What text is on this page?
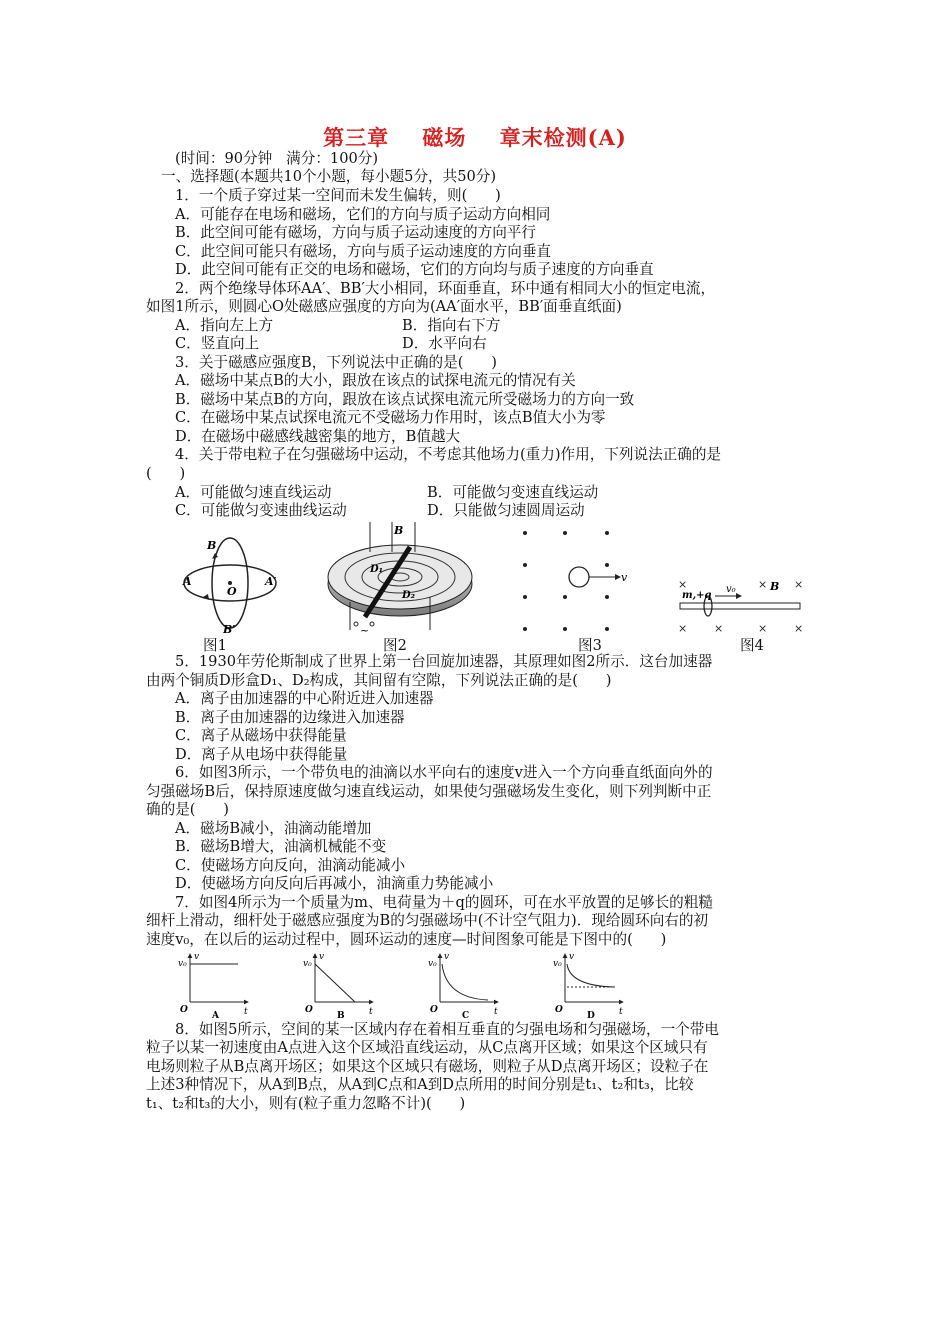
第三章    磁场    章末检测(A)
(时间：90分钟   满分：100分)
一、选择题(本题共10个小题，每小题5分，共50分)
1．一个质子穿过某一空间而未发生偏转，则(      )
A．可能存在电场和磁场，它们的方向与质子运动方向相同
B．此空间可能有磁场，方向与质子运动速度的方向平行
C．此空间可能只有磁场，方向与质子运动速度的方向垂直
D．此空间可能有正交的电场和磁场，它们的方向均与质子速度的方向垂直
2．两个绝缘导体环AA′、BB′大小相同，环面垂直，环中通有相同大小的恒定电流，
如图1所示，则圆心O处磁感应强度的方向为(AA′面水平，BB′面垂直纸面)
A．指向左上方	B．指向右下方
C．竖直向上	D．水平向右
3．关于磁感应强度B，下列说法中正确的是(      )
A．磁场中某点B的大小，跟放在该点的试探电流元的情况有关
B．磁场中某点B的方向，跟放在该点试探电流元所受磁场力的方向一致
C．在磁场中某点试探电流元不受磁场力作用时，该点B值大小为零
D．在磁场中磁感线越密集的地方，B值越大
4．关于带电粒子在匀强磁场中运动，不考虑其他场力(重力)作用，下列说法正确的是
(      )
A．可能做匀速直线运动	B．可能做匀变速直线运动
C．可能做匀变速曲线运动	D．只能做匀速圆周运动
B
A
O
A′
B′
图1
B
D₁
D₂
~
图2
v
图3
×	× ×
× ×	× ×
m,+q
v₀	B
图4
5．1930年劳伦斯制成了世界上第一台回旋加速器，其原理如图2所示．这台加速器
由两个铜质D形盒D₁、D₂构成，其间留有空隙，下列说法正确的是(      )
A．离子由加速器的中心附近进入加速器
B．离子由加速器的边缘进入加速器
C．离子从磁场中获得能量
D．离子从电场中获得能量
6．如图3所示，一个带负电的油滴以水平向右的速度v进入一个方向垂直纸面向外的
匀强磁场B后，保持原速度做匀速直线运动，如果使匀强磁场发生变化，则下列判断中正
确的是(      )
A．磁场B减小，油滴动能增加
B．磁场B增大，油滴机械能不变
C．使磁场方向反向，油滴动能减小
D．使磁场方向反向后再减小，油滴重力势能减小
7．如图4所示为一个质量为m、电荷量为＋q的圆环，可在水平放置的足够长的粗糙
细杆上滑动，细杆处于磁感应强度为B的匀强磁场中(不计空气阻力)．现给圆环向右的初
速度v₀，在以后的运动过程中，圆环运动的速度—时间图象可能是下图中的(      )
v₀
v
t
O
A
v₀
v
t
O
B
v₀
v
t
O
C
v₀
v
t
O
D
8．如图5所示，空间的某一区域内存在着相互垂直的匀强电场和匀强磁场，一个带电
粒子以某一初速度由A点进入这个区域沿直线运动，从C点离开区域；如果这个区域只有
电场则粒子从B点离开场区；如果这个区域只有磁场，则粒子从D点离开场区；设粒子在
上述3种情况下，从A到B点，从A到C点和A到D点所用的时间分别是t₁、t₂和t₃，比较
t₁、t₂和t₃的大小，则有(粒子重力忽略不计)(      )
